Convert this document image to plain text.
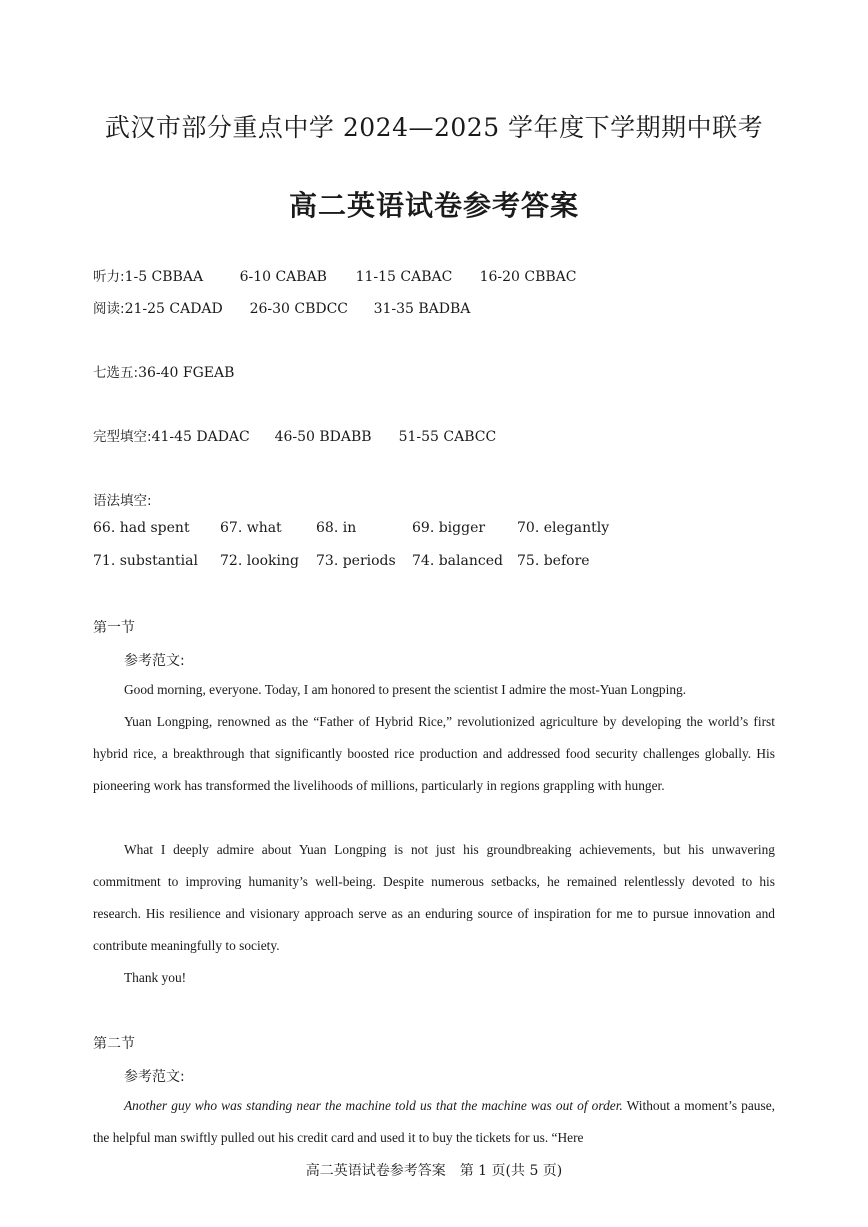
武汉市部分重点中学 2024—2025 学年度下学期期中联考
高二英语试卷参考答案
听力:1-5 CBBAA	6-10 CABAB 11-15 CABAC 16-20 CBBAC
阅读:21-25 CADAD 26-30 CBDCC 31-35 BADBA
七选五:36-40 FGEAB
完型填空:41-45 DADAC 46-50 BDABB 51-55 CABCC
语法填空:
66. had spent 67. what 68. in	69. bigger 70. elegantly
71. substantial 72. looking 73. periods 74. balanced 75. before
第一节
参考范文:
Good morning, everyone. Today, I am honored to present the scientist I admire the most-Yuan Longping.
Yuan Longping, renowned as the “Father of Hybrid Rice,” revolutionized agriculture by developing the world’s first hybrid rice, a breakthrough that significantly boosted rice production and addressed food security challenges globally. His pioneering work has transformed the livelihoods of millions, particularly in regions grappling with hunger.
What I deeply admire about Yuan Longping is not just his groundbreaking achievements, but his unwavering commitment to improving humanity’s well-being. Despite numerous setbacks, he remained relentlessly devoted to his research. His resilience and visionary approach serve as an enduring source of inspiration for me to pursue innovation and contribute meaningfully to society.
Thank you!
第二节
参考范文:
Another guy who was standing near the machine told us that the machine was out of order. Without a moment’s pause, the helpful man swiftly pulled out his credit card and used it to buy the tickets for us. “Here
高二英语试卷参考答案　第 1 页(共 5 页)
